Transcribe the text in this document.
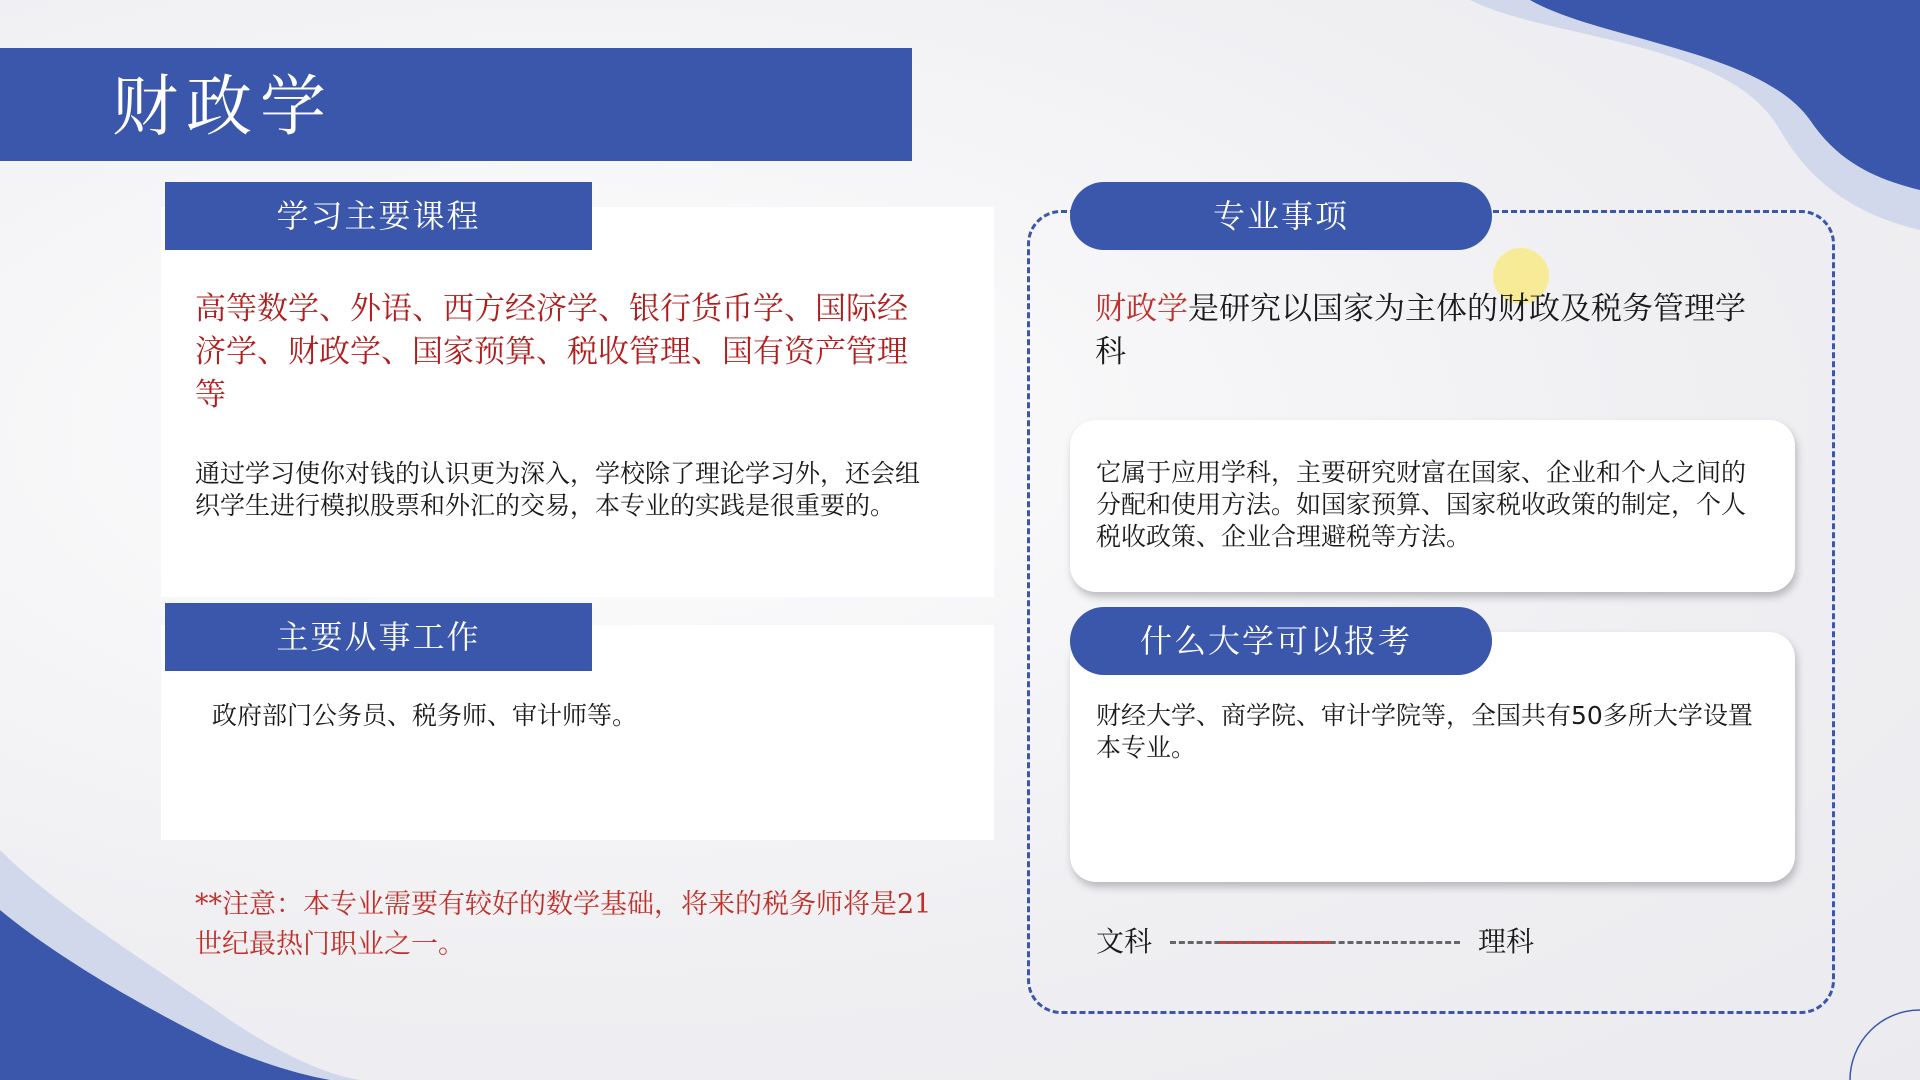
财政学
学习主要课程
高等数学、外语、西方经济学、银行货币学、国际经济学、财政学、国家预算、税收管理、国有资产管理等
通过学习使你对钱的认识更为深入，学校除了理论学习外，还会组织学生进行模拟股票和外汇的交易，本专业的实践是很重要的。
主要从事工作
政府部门公务员、税务师、审计师等。
**注意：本专业需要有较好的数学基础，将来的税务师将是21世纪最热门职业之一。
专业事项
财政学是研究以国家为主体的财政及税务管理学科
它属于应用学科，主要研究财富在国家、企业和个人之间的分配和使用方法。如国家预算、国家税收政策的制定，个人税收政策、企业合理避税等方法。
什么大学可以报考
财经大学、商学院、审计学院等，全国共有50多所大学设置本专业。
文科	理科
